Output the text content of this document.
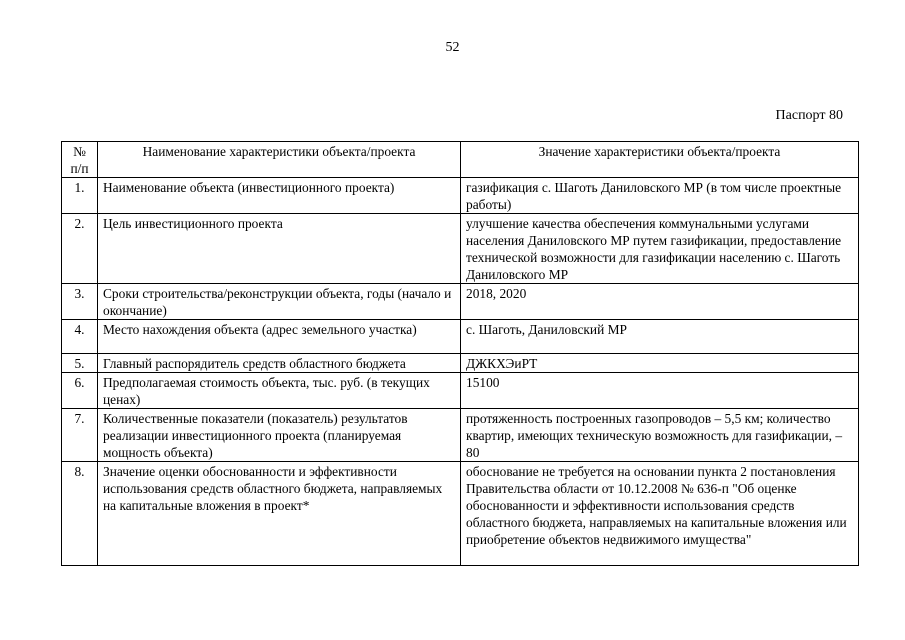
52
Паспорт 80
№ п/п	Наименование характеристики объекта/проекта	Значение характеристики объекта/проекта
1.	Наименование объекта (инвестиционного проекта)	газификация с. Шаготь Даниловского МР (в том числе проектные работы)
2.	Цель инвестиционного проекта	улучшение качества обеспечения коммунальными услугами населения Даниловского МР путем газификации, предоставление технической возможности для газификации населению с. Шаготь Даниловского МР
3.	Сроки строительства/реконструкции объекта, годы (начало и окончание)	2018, 2020
4.	Место нахождения объекта (адрес земельного участка)	с. Шаготь, Даниловский МР
5.	Главный распорядитель средств областного бюджета	ДЖКХЭиРТ
6.	Предполагаемая стоимость объекта, тыс. руб. (в текущих ценах)	15100
7.	Количественные показатели (показатель) результатов реализации инвестиционного проекта (планируемая мощность объекта)	протяженность построенных газопроводов – 5,5 км; количество квартир, имеющих техническую возможность для газификации, – 80
8.	Значение оценки обоснованности и эффективности использования средств областного бюджета, направляемых на капитальные вложения в проект*	обоснование не требуется на основании пункта 2 постановления Правительства области от 10.12.2008 № 636-п "Об оценке обоснованности и эффективности использования средств областного бюджета, направляемых на капитальные вложения или приобретение объектов недвижимого имущества"
